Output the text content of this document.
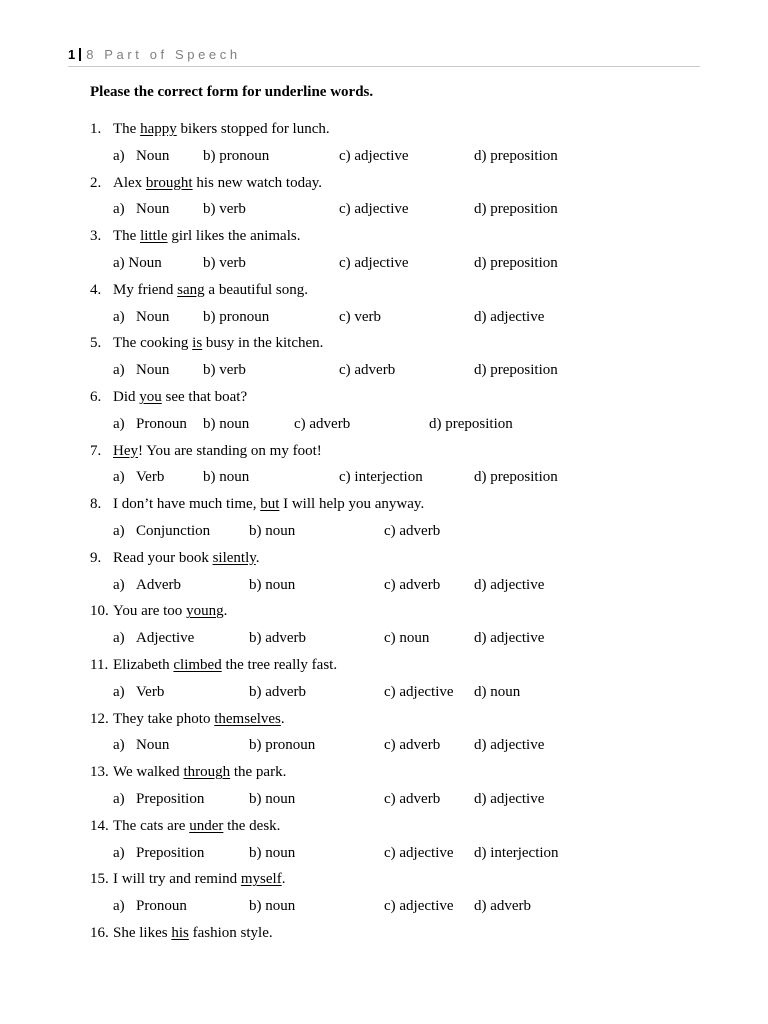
1 8 Part of Speech
Please the correct form for underline words.
1. The happy bikers stopped for lunch.
a) Noun b) pronoun	c) adjective	d) preposition
2. Alex brought his new watch today.
a) Noun b) verb	c) adjective	d) preposition
3. The little girl likes the animals.
a) Noun	b) verb	c) adjective	d) preposition
4. My friend sang a beautiful song.
a) Noun b) pronoun	c) verb	d) adjective
5. The cooking is busy in the kitchen.
a) Noun b) verb	c) adverb	d) preposition
6. Did you see that boat?
a) Pronoun b) noun	c) adverb	d) preposition
7. Hey! You are standing on my foot!
a) Verb	b) noun	c) interjection	d) preposition
8. I don’t have much time, but I will help you anyway.
a) Conjunction	b) noun	c) adverb
9. Read your book silently.
a) Adverb	b) noun	c) adverb d) adjective
10. You are too young.
a) Adjective	b) adverb	c) noun	d) adjective
11. Elizabeth climbed the tree really fast.
a) Verb	b) adverb	c) adjective d) noun
12. They take photo themselves.
a) Noun	b) pronoun	c) adverb d) adjective
13. We walked through the park.
a) Preposition	b) noun	c) adverb d) adjective
14. The cats are under the desk.
a) Preposition	b) noun	c) adjective d) interjection
15. I will try and remind myself.
a) Pronoun	b) noun	c) adjective d) adverb
16. She likes his fashion style.
